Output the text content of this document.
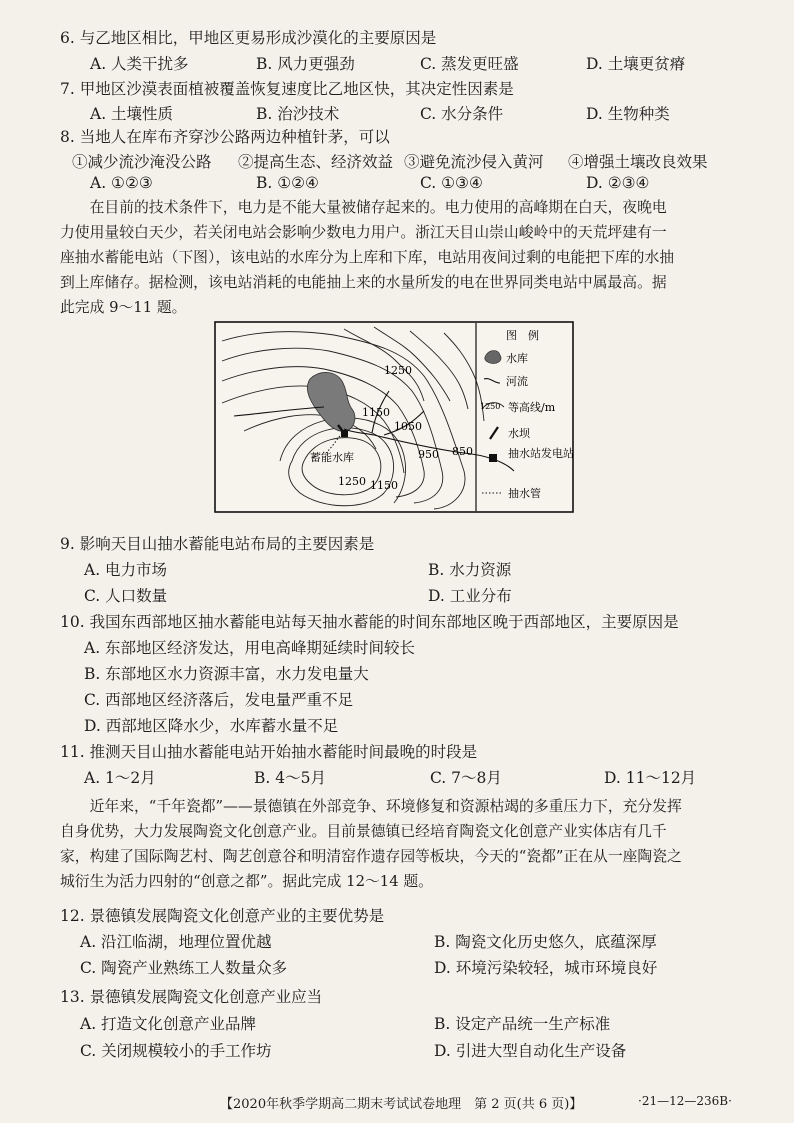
6. 与乙地区相比，甲地区更易形成沙漠化的主要原因是
A. 人类干扰多	B. 风力更强劲	C. 蒸发更旺盛	D. 土壤更贫瘠
7. 甲地区沙漠表面植被覆盖恢复速度比乙地区快，其决定性因素是
A. 土壤性质	B. 治沙技术	C. 水分条件	D. 生物种类
8. 当地人在库布齐穿沙公路两边种植针茅，可以
①减少流沙淹没公路 ②提高生态、经济效益 ③避免流沙侵入黄河 ④增强土壤改良效果
A. ①②③	B. ①②④	C. ①③④	D. ②③④
在目前的技术条件下，电力是不能大量被储存起来的。电力使用的高峰期在白天，夜晚电
力使用量较白天少，若关闭电站会影响少数电力用户。浙江天目山崇山峻岭中的天荒坪建有一
座抽水蓄能电站（下图），该电站的水库分为上库和下库，电站用夜间过剩的电能把下库的水抽
到上库储存。据检测，该电站消耗的电能抽上来的水量所发的电在世界同类电站中属最高。据
此完成 9～11 题。
1250
1150
1050
950 850
1250 1150
蓄能水库
图　例
水库
河流
1250 等高线/m
水坝
抽水站发电站
抽水管
9. 影响天目山抽水蓄能电站布局的主要因素是
A. 电力市场	B. 水力资源
C. 人口数量	D. 工业分布
10. 我国东西部地区抽水蓄能电站每天抽水蓄能的时间东部地区晚于西部地区，主要原因是
A. 东部地区经济发达，用电高峰期延续时间较长
B. 东部地区水力资源丰富，水力发电量大
C. 西部地区经济落后，发电量严重不足
D. 西部地区降水少，水库蓄水量不足
11. 推测天目山抽水蓄能电站开始抽水蓄能时间最晚的时段是
A. 1～2月	B. 4～5月	C. 7～8月	D. 11～12月
近年来，“千年瓷都”——景德镇在外部竞争、环境修复和资源枯竭的多重压力下，充分发挥
自身优势，大力发展陶瓷文化创意产业。目前景德镇已经培育陶瓷文化创意产业实体店有几千
家，构建了国际陶艺村、陶艺创意谷和明清窑作遗存园等板块，今天的“瓷都”正在从一座陶瓷之
城衍生为活力四射的“创意之都”。据此完成 12～14 题。
12. 景德镇发展陶瓷文化创意产业的主要优势是
A. 沿江临湖，地理位置优越	B. 陶瓷文化历史悠久，底蕴深厚
C. 陶瓷产业熟练工人数量众多	D. 环境污染较轻，城市环境良好
13. 景德镇发展陶瓷文化创意产业应当
A. 打造文化创意产业品牌	B. 设定产品统一生产标准
C. 关闭规模较小的手工作坊	D. 引进大型自动化生产设备
【2020年秋季学期高二期末考试试卷地理　第 2 页(共 6 页)】	·21—12—236B·
